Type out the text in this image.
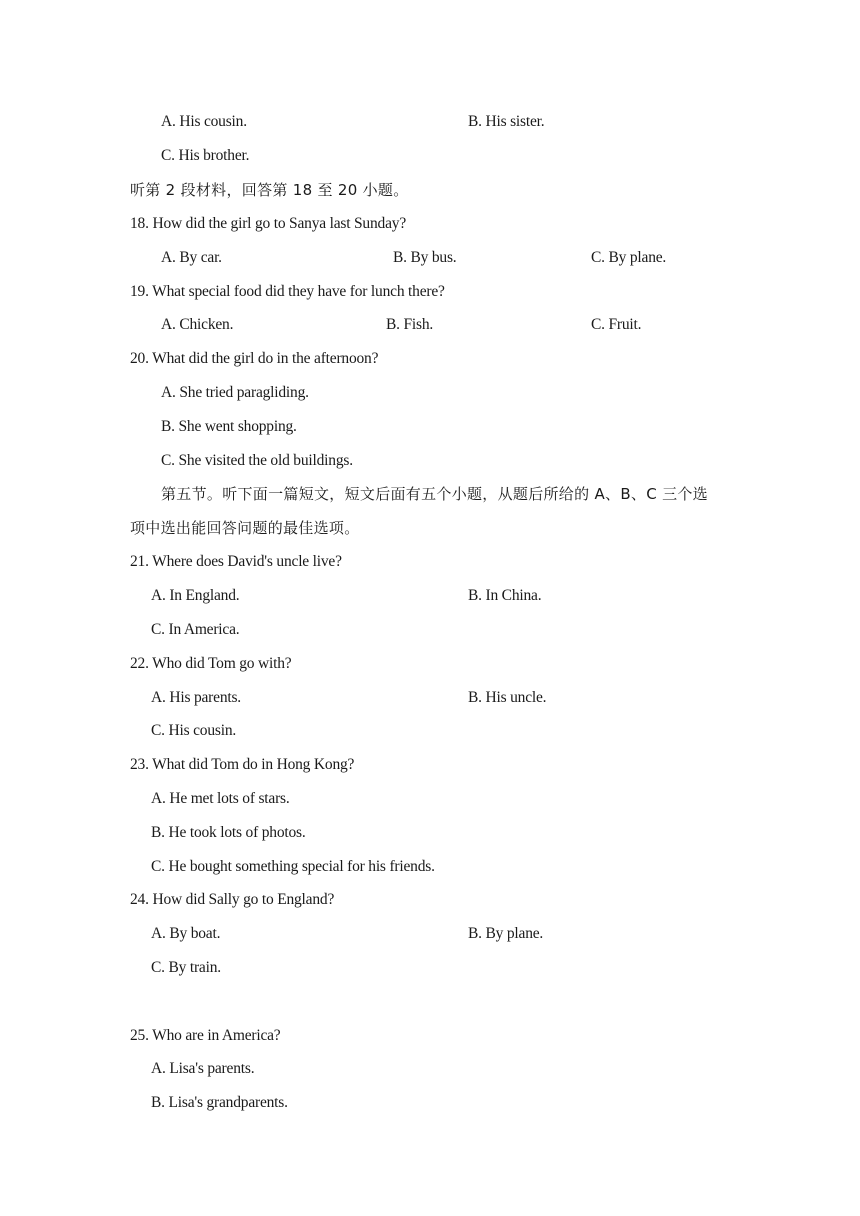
A. His cousin.	B. His sister.
C. His brother.
听第 2 段材料，回答第 18 至 20 小题。
18. How did the girl go to Sanya last Sunday?
A. By car.	B. By bus.	C. By plane.
19. What special food did they have for lunch there?
A. Chicken.	B. Fish.	C. Fruit.
20. What did the girl do in the afternoon?
A. She tried paragliding.
B. She went shopping.
C. She visited the old buildings.
第五节。听下面一篇短文，短文后面有五个小题，从题后所给的 A、B、C 三个选
项中选出能回答问题的最佳选项。
21. Where does David's uncle live?
A. In England.	B. In China.
C. In America.
22. Who did Tom go with?
A. His parents.	B. His uncle.
C. His cousin.
23. What did Tom do in Hong Kong?
A. He met lots of stars.
B. He took lots of photos.
C. He bought something special for his friends.
24. How did Sally go to England?
A. By boat.	B. By plane.
C. By train.
25. Who are in America?
A. Lisa's parents.
B. Lisa's grandparents.
